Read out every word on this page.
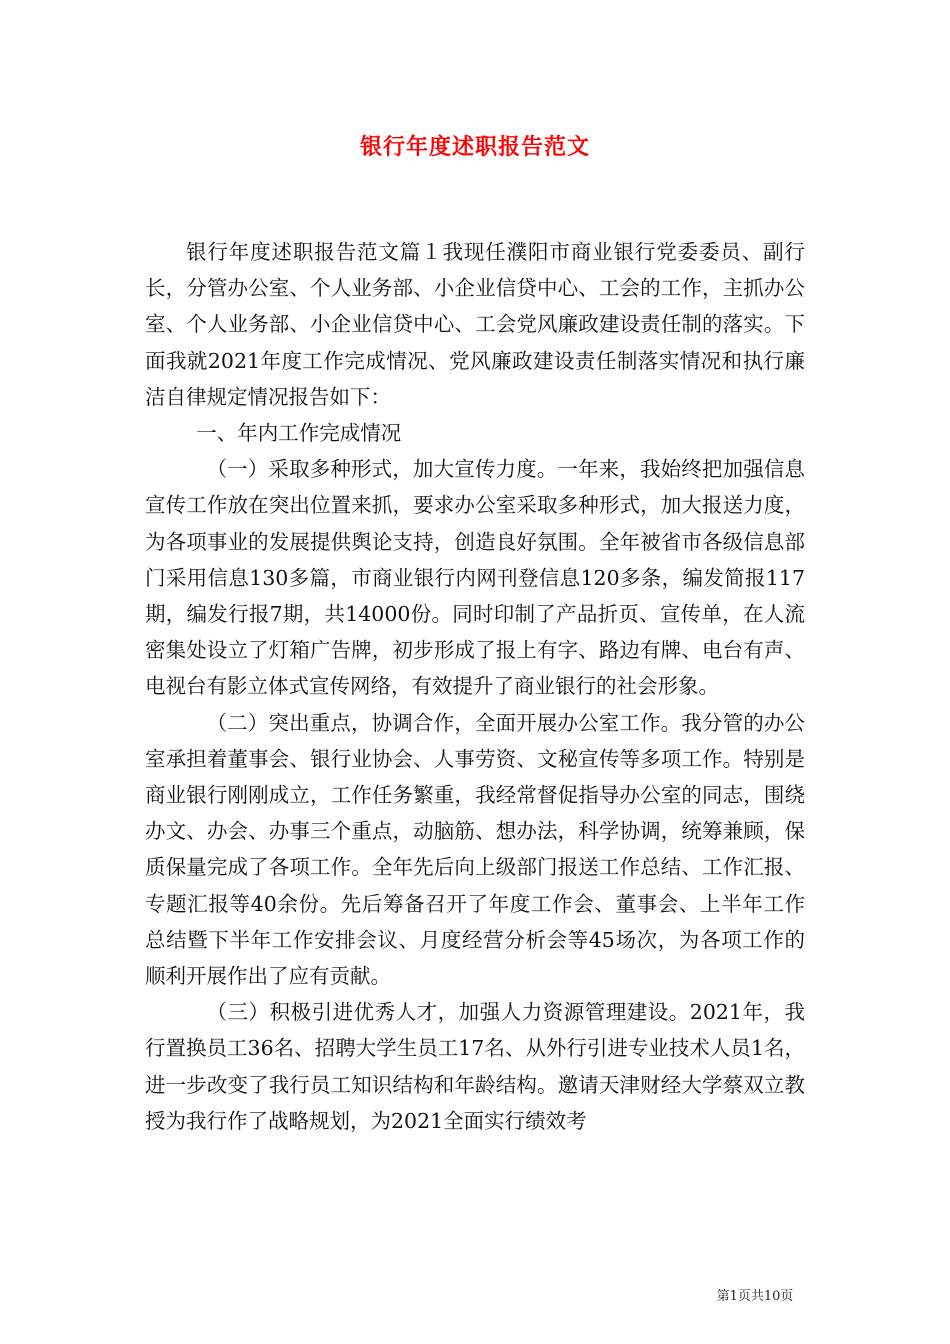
银行年度述职报告范文

银行年度述职报告范文篇１我现任濮阳市商业银行党委委员、副行长，分管办公室、个人业务部、小企业信贷中心、工会的工作，主抓办公室、个人业务部、小企业信贷中心、工会党风廉政建设责任制的落实。下面我就2021年度工作完成情况、党风廉政建设责任制落实情况和执行廉洁自律规定情况报告如下：

一、年内工作完成情况

（一）采取多种形式，加大宣传力度。一年来，我始终把加强信息宣传工作放在突出位置来抓，要求办公室采取多种形式，加大报送力度，为各项事业的发展提供舆论支持，创造良好氛围。全年被省市各级信息部门采用信息130多篇，市商业银行内网刊登信息120多条，编发简报117期，编发行报7期，共14000份。同时印制了产品折页、宣传单，在人流密集处设立了灯箱广告牌，初步形成了报上有字、路边有牌、电台有声、电视台有影立体式宣传网络，有效提升了商业银行的社会形象。

（二）突出重点，协调合作，全面开展办公室工作。我分管的办公室承担着董事会、银行业协会、人事劳资、文秘宣传等多项工作。特别是商业银行刚刚成立，工作任务繁重，我经常督促指导办公室的同志，围绕办文、办会、办事三个重点，动脑筋、想办法，科学协调，统筹兼顾，保质保量完成了各项工作。全年先后向上级部门报送工作总结、工作汇报、专题汇报等40余份。先后筹备召开了年度工作会、董事会、上半年工作总结暨下半年工作安排会议、月度经营分析会等45场次，为各项工作的顺利开展作出了应有贡献。

（三）积极引进优秀人才，加强人力资源管理建设。2021年，我行置换员工36名、招聘大学生员工17名、从外行引进专业技术人员1名，进一步改变了我行员工知识结构和年龄结构。邀请天津财经大学蔡双立教授为我行作了战略规划，为2021全面实行绩效考

第1页共10页
